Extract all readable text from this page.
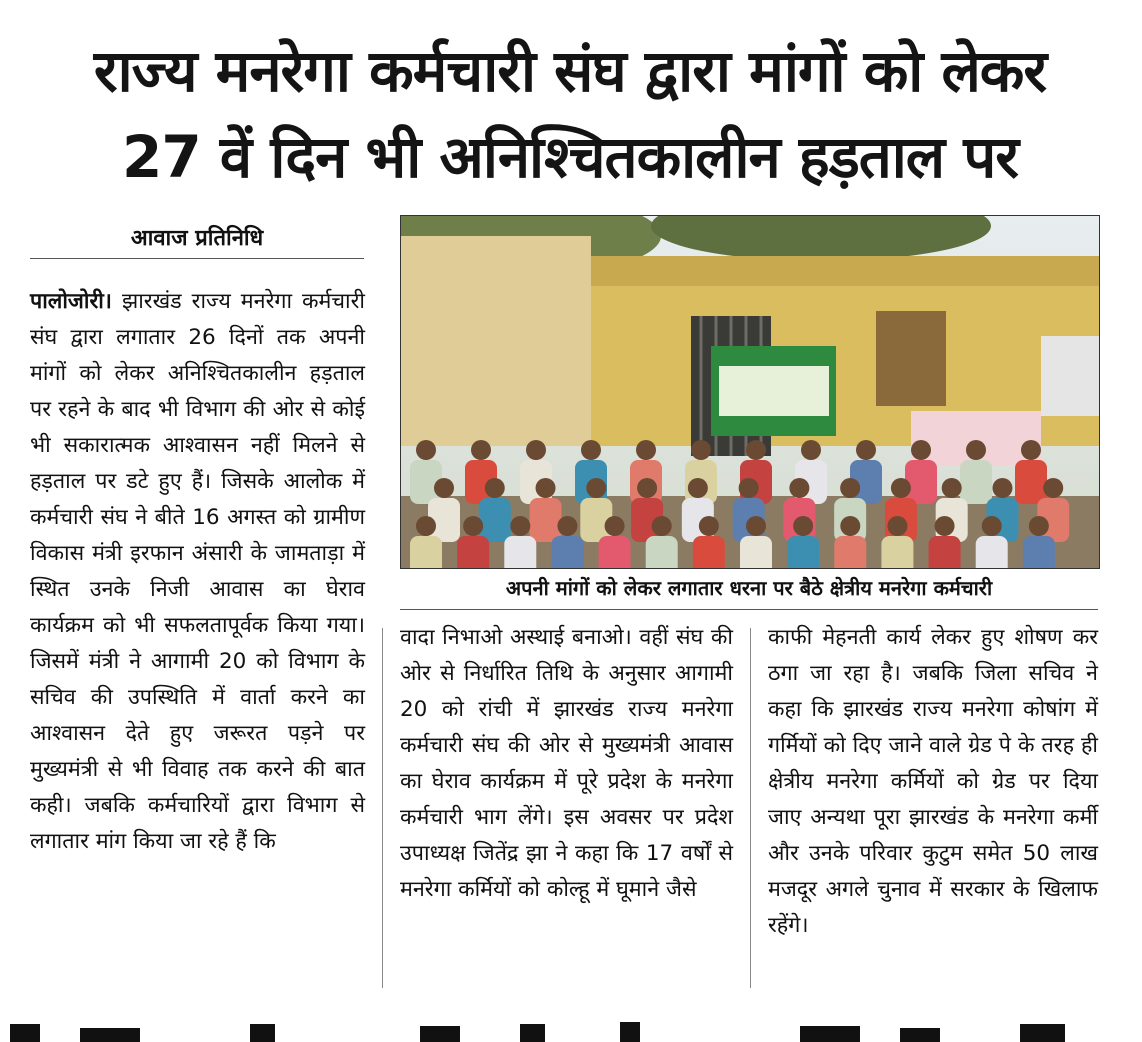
राज्य मनरेगा कर्मचारी संघ द्वारा मांगों को लेकर
27 वें दिन भी अनिश्चितकालीन हड़ताल पर
आवाज प्रतिनिधि
अपनी मांगों को लेकर लगातार धरना पर बैठे क्षेत्रीय मनरेगा कर्मचारी
पालोजोरी। झारखंड राज्य मनरेगा कर्मचारी संघ द्वारा लगातार 26 दिनों तक अपनी मांगों को लेकर अनिश्चितकालीन हड़ताल पर रहने के बाद भी विभाग की ओर से कोई भी सकारात्मक आश्वासन नहीं मिलने से हड़ताल पर डटे हुए हैं। जिसके आलोक में कर्मचारी संघ ने बीते 16 अगस्त को ग्रामीण विकास मंत्री इरफान अंसारी के जामताड़ा में स्थित उनके निजी आवास का घेराव कार्यक्रम को भी सफलतापूर्वक किया गया। जिसमें मंत्री ने आगामी 20 को विभाग के सचिव की उपस्थिति में वार्ता करने का आश्वासन देते हुए जरूरत पड़ने पर मुख्यमंत्री से भी विवाह तक करने की बात कही। जबकि कर्मचारियों द्वारा विभाग से लगातार मांग किया जा रहे हैं कि
वादा निभाओ अस्थाई बनाओ। वहीं संघ की ओर से निर्धारित तिथि के अनुसार आगामी 20 को रांची में झारखंड राज्य मनरेगा कर्मचारी संघ की ओर से मुख्यमंत्री आवास का घेराव कार्यक्रम में पूरे प्रदेश के मनरेगा कर्मचारी भाग लेंगे। इस अवसर पर प्रदेश उपाध्यक्ष जितेंद्र झा ने कहा कि 17 वर्षों से मनरेगा कर्मियों को कोल्हू में घूमाने जैसे
काफी मेहनती कार्य लेकर हुए शोषण कर ठगा जा रहा है। जबकि जिला सचिव ने कहा कि झारखंड राज्य मनरेगा कोषांग में गर्मियों को दिए जाने वाले ग्रेड पे के तरह ही क्षेत्रीय मनरेगा कर्मियों को ग्रेड पर दिया जाए अन्यथा पूरा झारखंड के मनरेगा कर्मी और उनके परिवार कुटुम समेत 50 लाख मजदूर अगले चुनाव में सरकार के खिलाफ रहेंगे।
